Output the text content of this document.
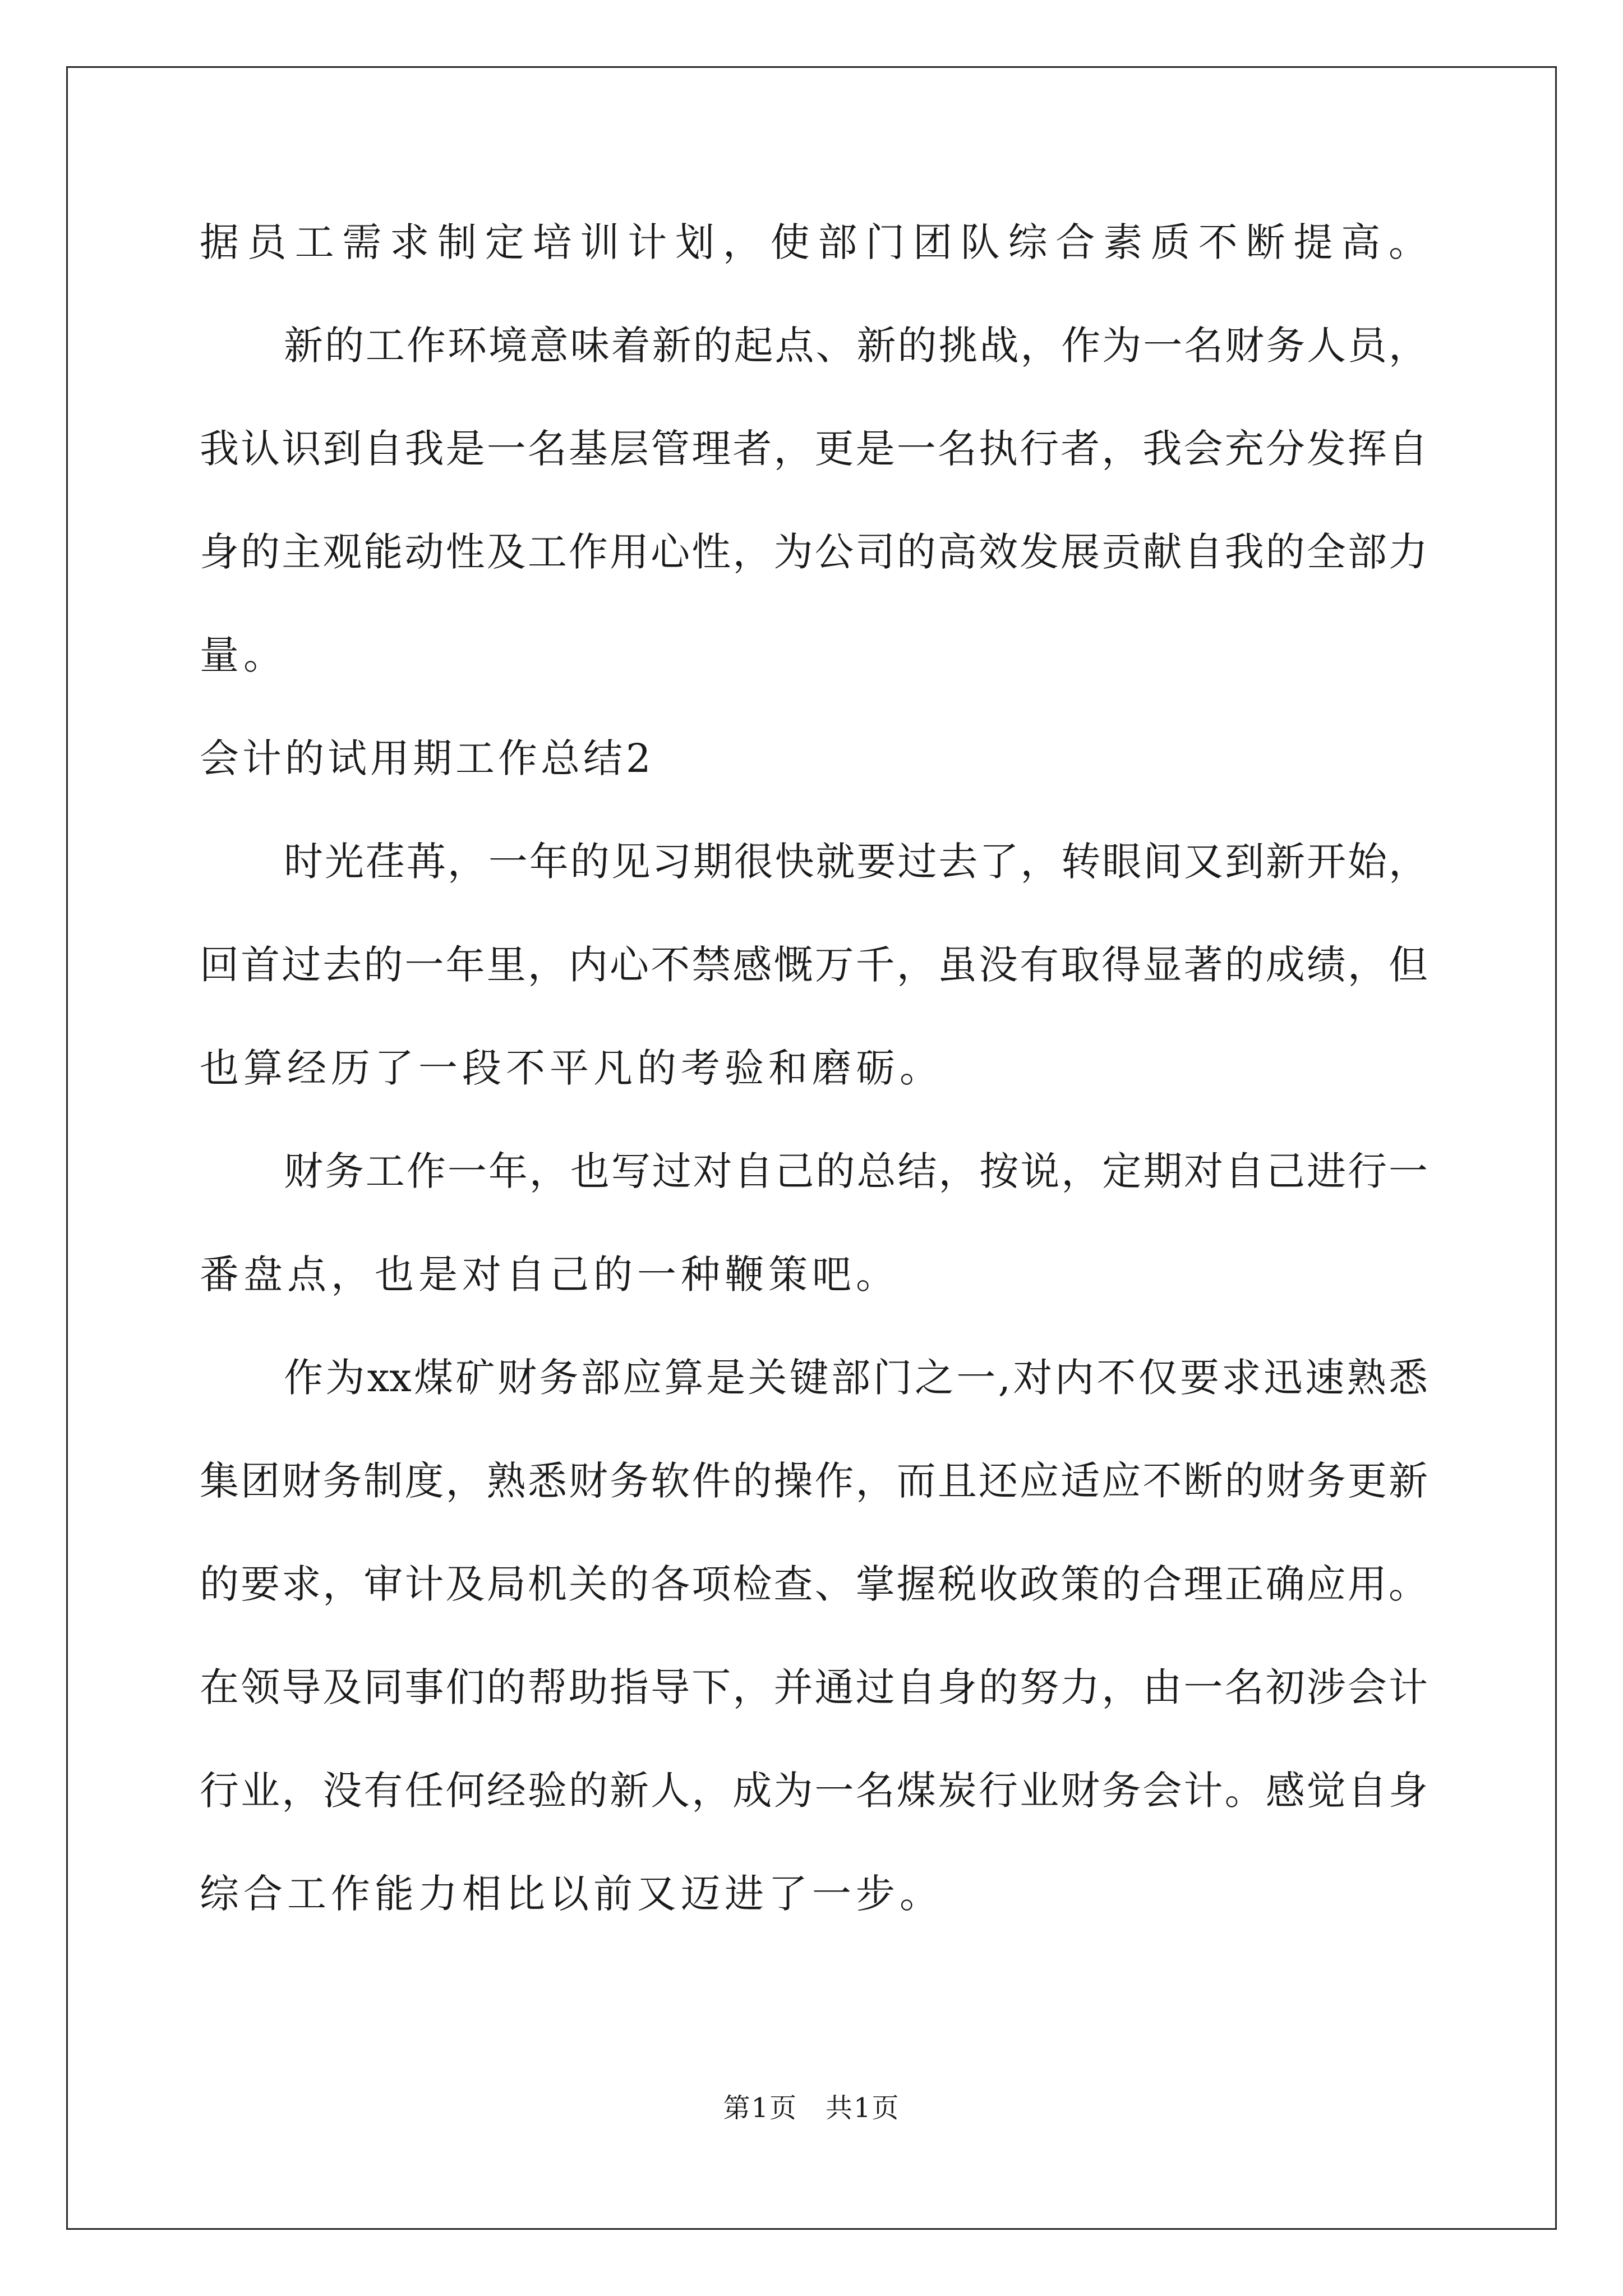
据员工需求制定培训计划，使部门团队综合素质不断提高。
新的工作环境意味着新的起点、新的挑战，作为一名财务人员，
我认识到自我是一名基层管理者，更是一名执行者，我会充分发挥自
身的主观能动性及工作用心性，为公司的高效发展贡献自我的全部力
量。
会计的试用期工作总结2
时光荏苒，一年的见习期很快就要过去了，转眼间又到新开始，
回首过去的一年里，内心不禁感慨万千，虽没有取得显著的成绩，但
也算经历了一段不平凡的考验和磨砺。
财务工作一年，也写过对自己的总结，按说，定期对自己进行一
番盘点，也是对自己的一种鞭策吧。
作为xx煤矿财务部应算是关键部门之一,对内不仅要求迅速熟悉
集团财务制度，熟悉财务软件的操作，而且还应适应不断的财务更新
的要求，审计及局机关的各项检查、掌握税收政策的合理正确应用。
在领导及同事们的帮助指导下，并通过自身的努力，由一名初涉会计
行业，没有任何经验的新人，成为一名煤炭行业财务会计。感觉自身
综合工作能力相比以前又迈进了一步。
第1页 共1页
